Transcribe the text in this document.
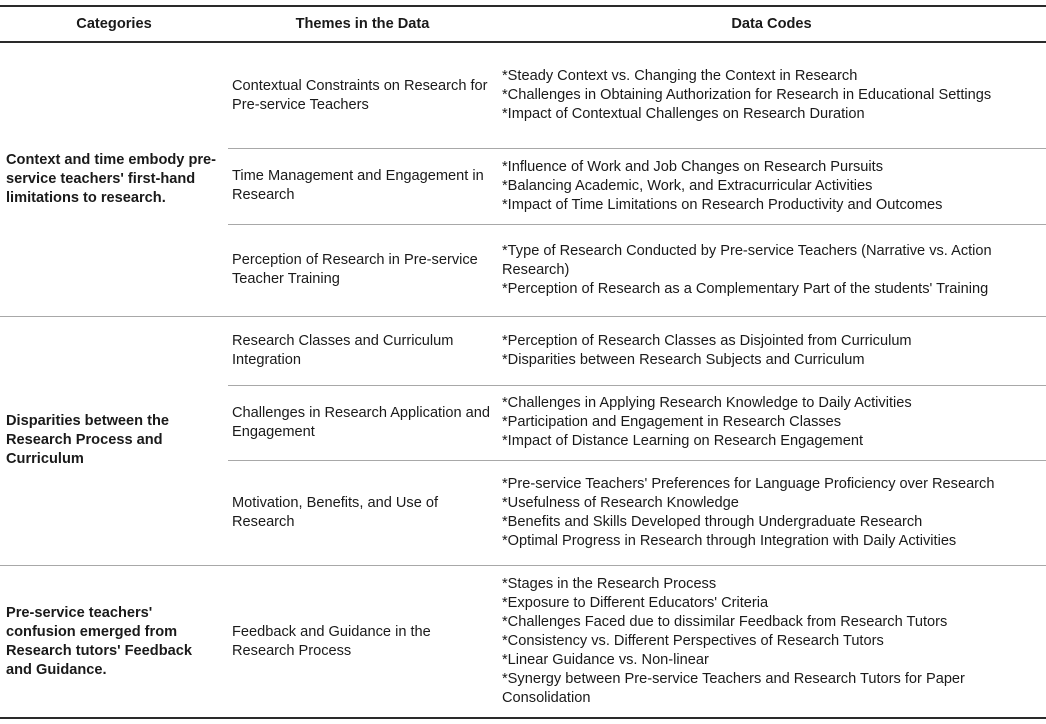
Categories	Themes in the Data	Data Codes
Context and time embody pre-service teachers' first-hand limitations to research.
Contextual Constraints on Research for Pre-service Teachers
*Steady Context vs. Changing the Context in Research
*Challenges in Obtaining Authorization for Research in Educational Settings
*Impact of Contextual Challenges on Research Duration
Time Management and Engagement in Research
*Influence of Work and Job Changes on Research Pursuits
*Balancing Academic, Work, and Extracurricular Activities
*Impact of Time Limitations on Research Productivity and Outcomes
Perception of Research in Pre-service Teacher Training
*Type of Research Conducted by Pre-service Teachers (Narrative vs. Action Research)
*Perception of Research as a Complementary Part of the students' Training
Disparities between the Research Process and Curriculum
Research Classes and Curriculum Integration
*Perception of Research Classes as Disjointed from Curriculum
*Disparities between Research Subjects and Curriculum
Challenges in Research Application and Engagement
*Challenges in Applying Research Knowledge to Daily Activities
*Participation and Engagement in Research Classes
*Impact of Distance Learning on Research Engagement
Motivation, Benefits, and Use of Research
*Pre-service Teachers' Preferences for Language Proficiency over Research
*Usefulness of Research Knowledge
*Benefits and Skills Developed through Undergraduate Research
*Optimal Progress in Research through Integration with Daily Activities
Pre-service teachers' confusion emerged from Research tutors' Feedback and Guidance.
Feedback and Guidance in the Research Process
*Stages in the Research Process
*Exposure to Different Educators' Criteria
*Challenges Faced due to dissimilar Feedback from Research Tutors
*Consistency vs. Different Perspectives of Research Tutors
*Linear Guidance vs. Non-linear
*Synergy between Pre-service Teachers and Research Tutors for Paper Consolidation
